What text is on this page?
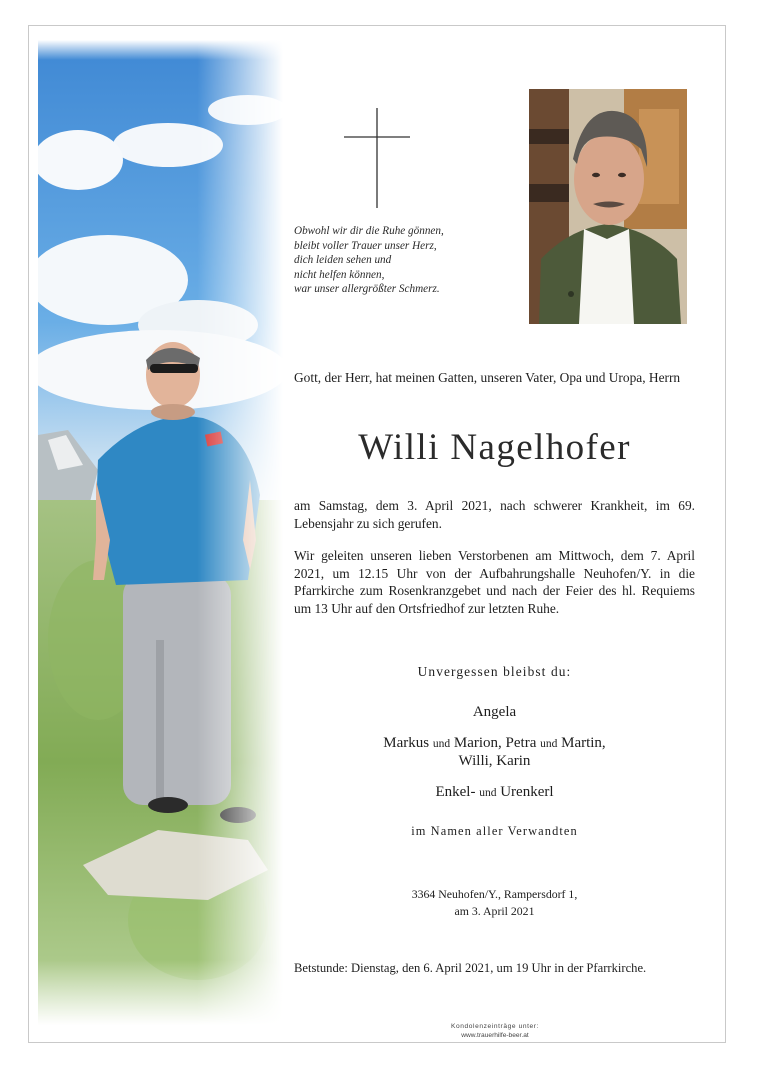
Obwohl wir dir die Ruhe gönnen,
bleibt voller Trauer unser Herz,
dich leiden sehen und
nicht helfen können,
war unser allergrößter Schmerz.
Gott, der Herr, hat meinen Gatten, unseren Vater, Opa und Uropa, Herrn
Willi Nagelhofer
am Samstag, dem 3. April 2021, nach schwerer Krankheit, im 69. Lebensjahr zu sich gerufen.
Wir geleiten unseren lieben Verstorbenen am Mittwoch, dem 7. April 2021, um 12.15 Uhr von der Aufbahrungshalle Neuhofen/Y. in die Pfarrkirche zum Rosenkranzgebet und nach der Feier des hl. Requiems um 13 Uhr auf den Ortsfriedhof zur letzten Ruhe.
Unvergessen bleibst du:
Angela
Markus und Marion, Petra und Martin,
Willi, Karin
Enkel- und Urenkerl
im Namen aller Verwandten
3364 Neuhofen/Y., Rampersdorf 1,
am 3. April 2021
Betstunde: Dienstag, den 6. April 2021, um 19 Uhr in der Pfarrkirche.
Kondolenzeinträge unter:
www.trauerhilfe-beer.at
